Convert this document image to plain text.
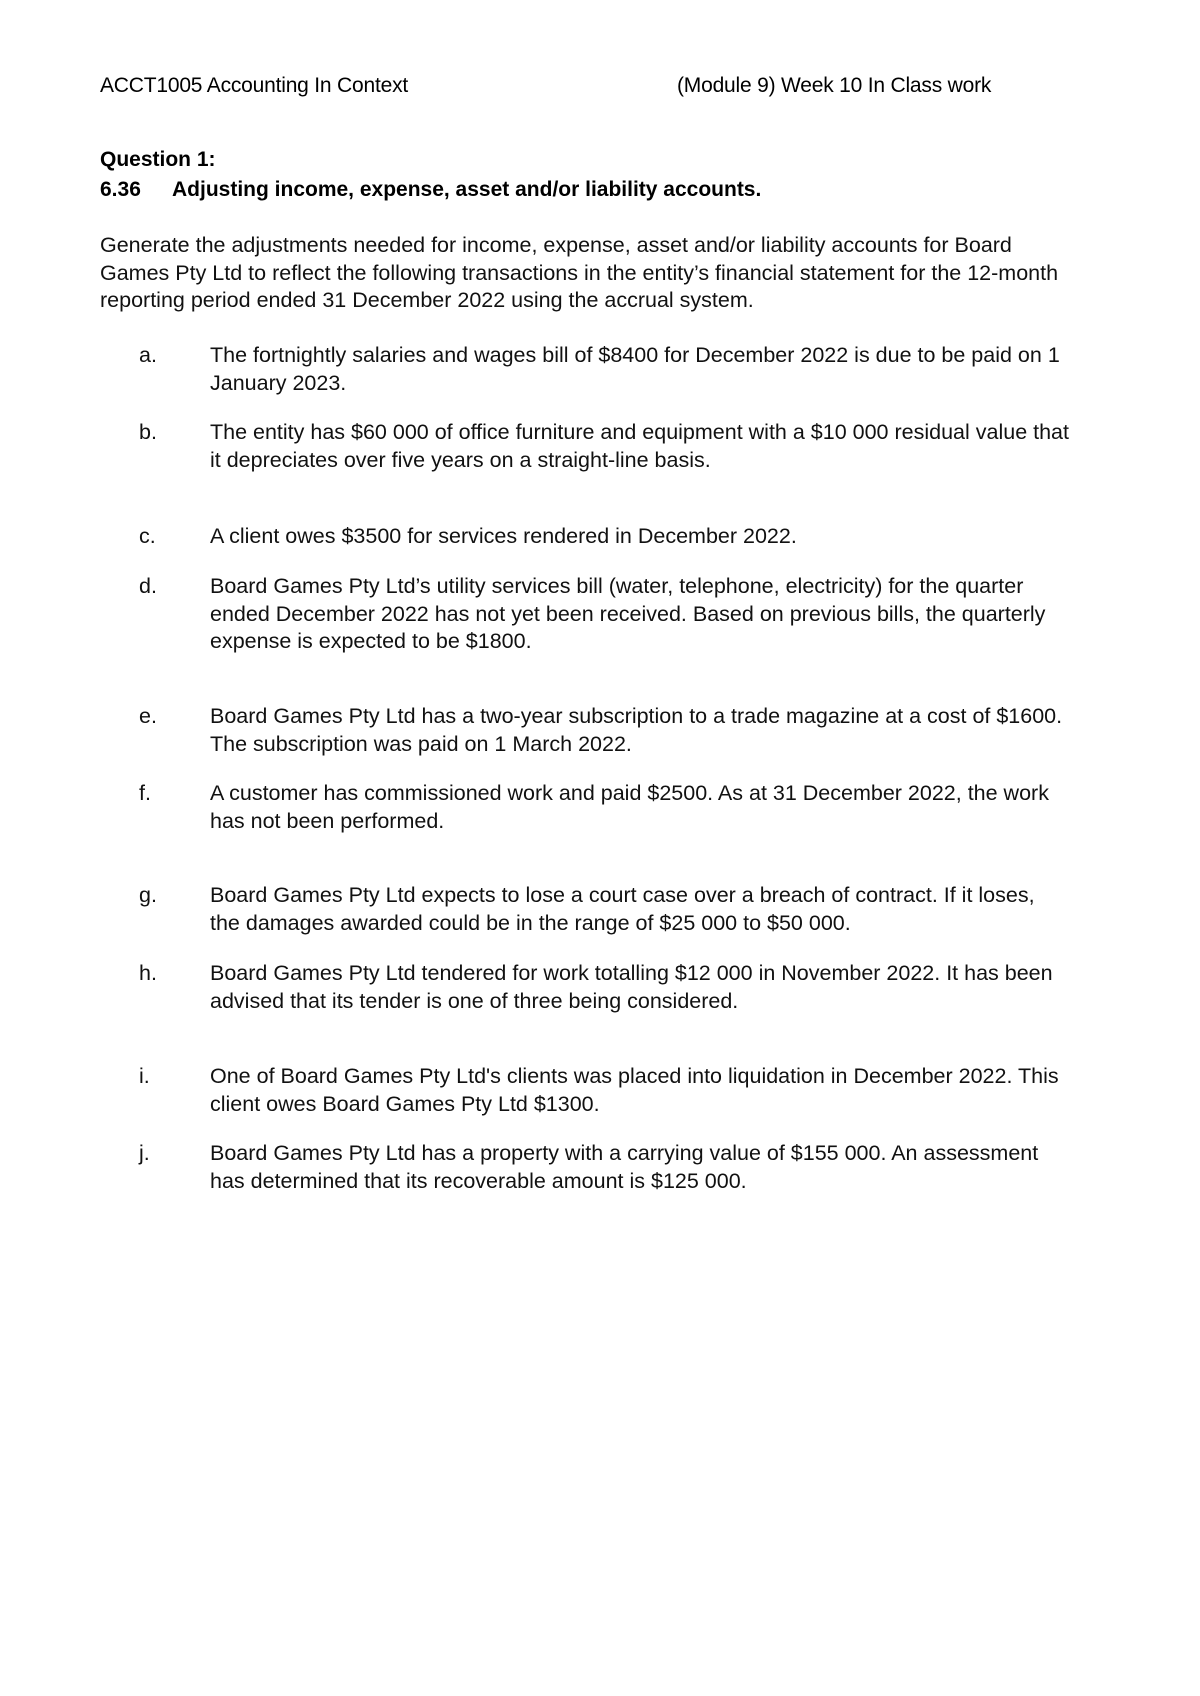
ACCT1005 Accounting In Context	(Module 9) Week 10 In Class work
Question 1:
6.36 Adjusting income, expense, asset and/or liability accounts.
Generate the adjustments needed for income, expense, asset and/or liability accounts for Board Games Pty Ltd to reflect the following transactions in the entity’s financial statement for the 12-month reporting period ended 31 December 2022 using the accrual system.
a. The fortnightly salaries and wages bill of $8400 for December 2022 is due to be paid on 1 January 2023.
b. The entity has $60 000 of office furniture and equipment with a $10 000 residual value that it depreciates over five years on a straight-line basis.
c.	A client owes $3500 for services rendered in December 2022.
d. Board Games Pty Ltd’s utility services bill (water, telephone, electricity) for the quarter ended December 2022 has not yet been received. Based on previous bills, the quarterly expense is expected to be $1800.
e. Board Games Pty Ltd has a two-year subscription to a trade magazine at a cost of $1600. The subscription was paid on 1 March 2022.
f.	A customer has commissioned work and paid $2500. As at 31 December 2022, the work has not been performed.
g. Board Games Pty Ltd expects to lose a court case over a breach of contract. If it loses, the damages awarded could be in the range of $25 000 to $50 000.
h. Board Games Pty Ltd tendered for work totalling $12 000 in November 2022. It has been advised that its tender is one of three being considered.
i.	One of Board Games Pty Ltd's clients was placed into liquidation in December 2022. This client owes Board Games Pty Ltd $1300.
j.	Board Games Pty Ltd has a property with a carrying value of $155 000. An assessment has determined that its recoverable amount is $125 000.
